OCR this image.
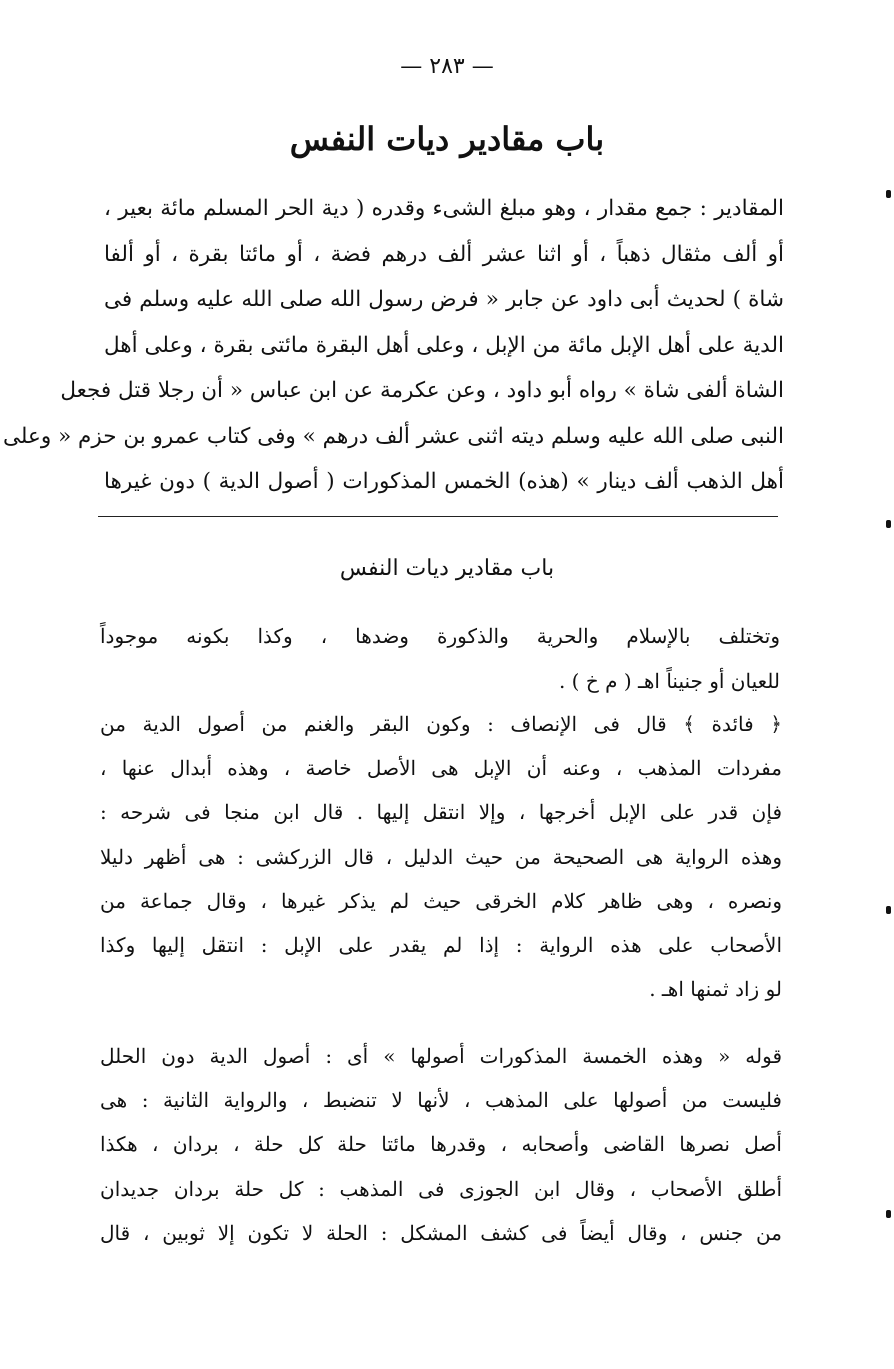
— ٢٨٣ —
باب مقادير ديات النفس
المقادير : جمع مقدار ، وهو مبلغ الشىء وقدره ( دية الحر المسلم مائة بعير ،
أو ألف مثقال ذهباً ، أو اثنا عشر ألف درهم فضة ، أو مائتا بقرة ، أو ألفا
شاة ) لحديث أبى داود عن جابر « فرض رسول الله صلى الله عليه وسلم فى
الدية على أهل الإبل مائة من الإبل ، وعلى أهل البقرة مائتى بقرة ، وعلى أهل
الشاة ألفى شاة » رواه أبو داود ، وعن عكرمة عن ابن عباس « أن رجلا قتل فجعل
النبى صلى الله عليه وسلم ديته اثنى عشر ألف درهم » وفى كتاب عمرو بن حزم « وعلى
أهل الذهب ألف دينار » (هذه) الخمس المذكورات ( أصول الدية ) دون غيرها
باب مقادير ديات النفس
وتختلف بالإسلام والحرية والذكورة وضدها ، وكذا بكونه موجوداً
للعيان أو جنيناً اهـ ( م خ ) .
﴿ فائدة ﴾ قال فى الإنصاف : وكون البقر والغنم من أصول الدية من
مفردات المذهب ، وعنه أن الإبل هى الأصل خاصة ، وهذه أبدال عنها ،
فإن قدر على الإبل أخرجها ، وإلا انتقل إليها . قال ابن منجا فى شرحه :
وهذه الرواية هى الصحيحة من حيث الدليل ، قال الزركشى : هى أظهر دليلا
ونصره ، وهى ظاهر كلام الخرقى حيث لم يذكر غيرها ، وقال جماعة من
الأصحاب على هذه الرواية : إذا لم يقدر على الإبل : انتقل إليها وكذا
لو زاد ثمنها اهـ .
قوله « وهذه الخمسة المذكورات أصولها » أى : أصول الدية دون الحلل
فليست من أصولها على المذهب ، لأنها لا تنضبط ، والرواية الثانية : هى
أصل نصرها القاضى وأصحابه ، وقدرها مائتا حلة كل حلة ، بردان ، هكذا
أطلق الأصحاب ، وقال ابن الجوزى فى المذهب : كل حلة بردان جديدان
من جنس ، وقال أيضاً فى كشف المشكل : الحلة لا تكون إلا ثوبين ، قال
